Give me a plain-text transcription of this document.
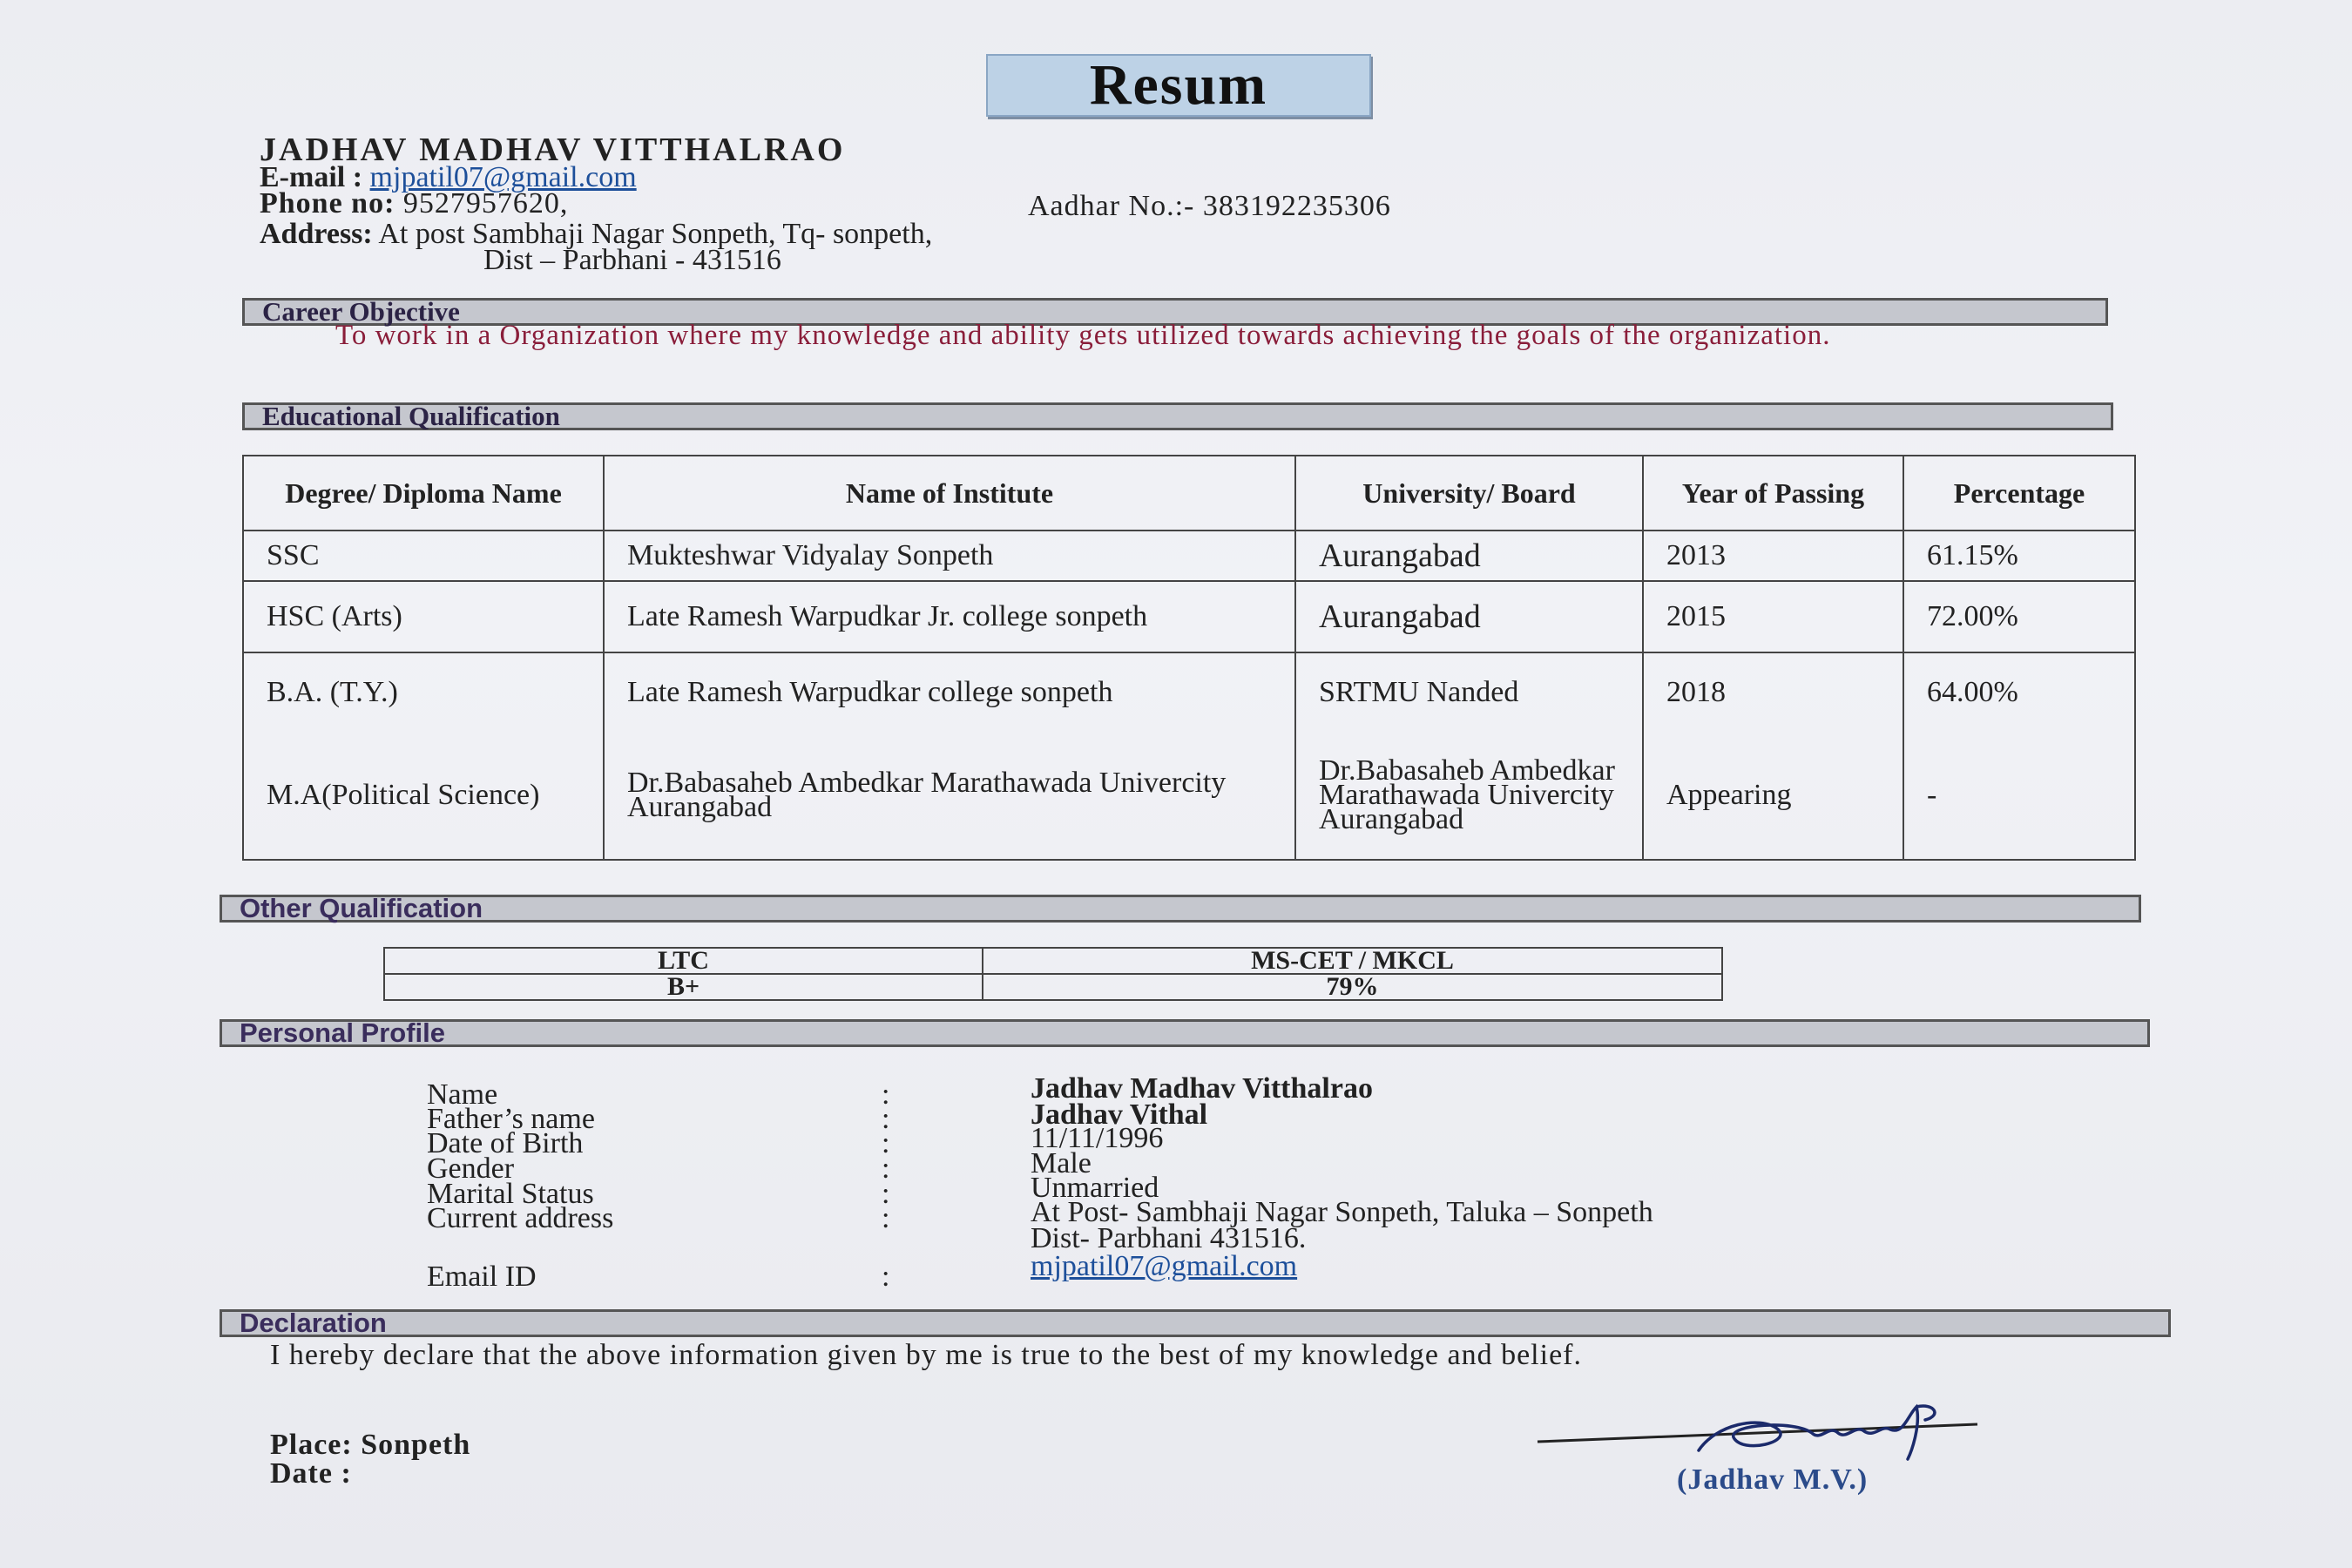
Resum
JADHAV MADHAV VITTHALRAO
E-mail : mjpatil07@gmail.com
Phone no: 9527957620,	Aadhar No.:- 383192235306
Address: At post Sambhaji Nagar Sonpeth, Tq- sonpeth,
Dist – Parbhani - 431516
Career Objective
To work in a Organization where my knowledge and ability gets utilized towards achieving the goals of the organization.
Educational Qualification
Degree/ Diploma Name	Name of Institute	University/ Board	Year of Passing	Percentage
SSC	Mukteshwar Vidyalay Sonpeth	Aurangabad	2013	61.15%
HSC (Arts)	Late Ramesh Warpudkar Jr. college sonpeth	Aurangabad	2015	72.00%
B.A. (T.Y.)	Late Ramesh Warpudkar college sonpeth	SRTMU Nanded	2018	64.00%
M.A(Political Science)	Dr.Babasaheb Ambedkar Marathawada Univercity Aurangabad	Dr.Babasaheb Ambedkar Marathawada Univercity Aurangabad	Appearing	-
Other Qualification
LTC	MS-CET / MKCL
B+	79%
Personal Profile
Name	:	Jadhav Madhav Vitthalrao
Father’s name	:	Jadhav Vithal
Date of Birth	:	11/11/1996
Gender	:	Male
Marital Status	:	Unmarried
Current address	:	At Post- Sambhaji Nagar Sonpeth, Taluka – Sonpeth
Dist- Parbhani 431516.
Email ID	:	mjpatil07@gmail.com
Declaration
I hereby declare that the above information given by me is true to the best of my knowledge and belief.
Place: Sonpeth
Date :	(Jadhav M.V.)
